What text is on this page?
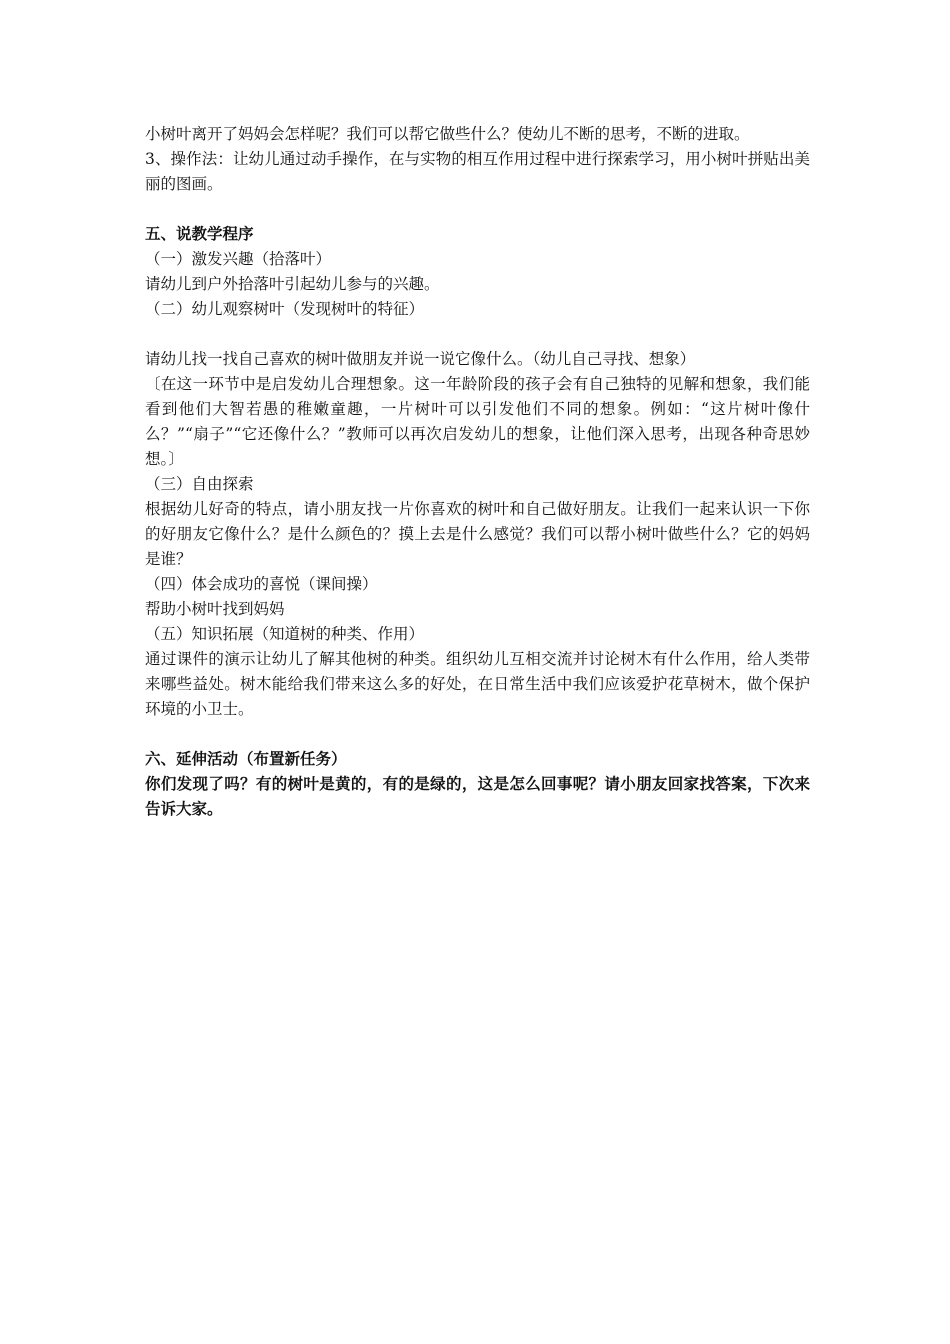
小树叶离开了妈妈会怎样呢？我们可以帮它做些什么？使幼儿不断的思考，不断的进取。

3、操作法：让幼儿通过动手操作，在与实物的相互作用过程中进行探索学习，用小树叶拼贴出美丽的图画。

五、说教学程序

（一）激发兴趣（拾落叶）

请幼儿到户外拾落叶引起幼儿参与的兴趣。

（二）幼儿观察树叶（发现树叶的特征）

请幼儿找一找自己喜欢的树叶做朋友并说一说它像什么。（幼儿自己寻找、想象）

〔在这一环节中是启发幼儿合理想象。这一年龄阶段的孩子会有自己独特的见解和想象，我们能看到他们大智若愚的稚嫩童趣，一片树叶可以引发他们不同的想象。例如：“这片树叶像什么？”“扇子”“它还像什么？”教师可以再次启发幼儿的想象，让他们深入思考，出现各种奇思妙想。〕

（三）自由探索

根据幼儿好奇的特点，请小朋友找一片你喜欢的树叶和自己做好朋友。让我们一起来认识一下你的好朋友它像什么？是什么颜色的？摸上去是什么感觉？我们可以帮小树叶做些什么？它的妈妈是谁？

（四）体会成功的喜悦（课间操）

帮助小树叶找到妈妈

（五）知识拓展（知道树的种类、作用）

通过课件的演示让幼儿了解其他树的种类。组织幼儿互相交流并讨论树木有什么作用，给人类带来哪些益处。树木能给我们带来这么多的好处，在日常生活中我们应该爱护花草树木，做个保护环境的小卫士。

六、延伸活动（布置新任务）

你们发现了吗？有的树叶是黄的，有的是绿的，这是怎么回事呢？请小朋友回家找答案，下次来告诉大家。
